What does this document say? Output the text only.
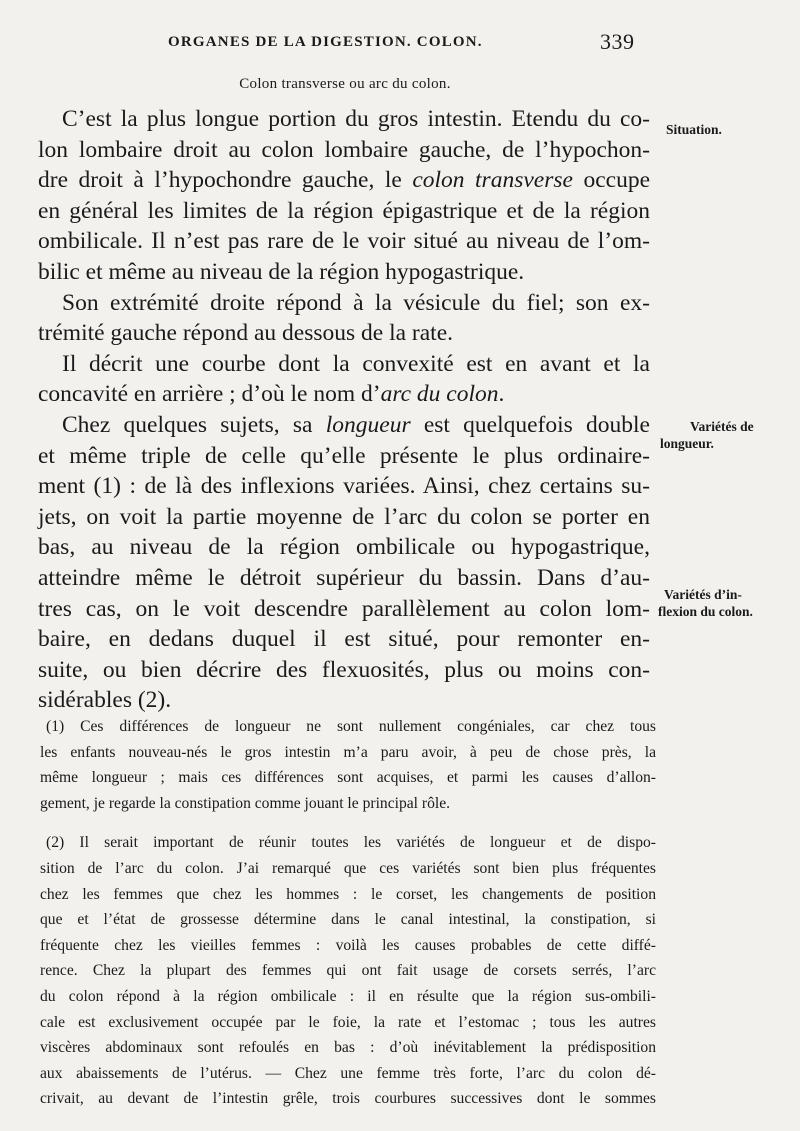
ORGANES DE LA DIGESTION. COLON.	339
Colon transverse ou arc du colon.
C’est la plus longue portion du gros intestin. Etendu du co-
lon lombaire droit au colon lombaire gauche, de l’hypochon-
dre droit à l’hypochondre gauche, le colon transverse occupe
en général les limites de la région épigastrique et de la région
ombilicale. Il n’est pas rare de le voir situé au niveau de l’om-
bilic et même au niveau de la région hypogastrique.
Son extrémité droite répond à la vésicule du fiel; son ex-
trémité gauche répond au dessous de la rate.
Il décrit une courbe dont la convexité est en avant et la
concavité en arrière ; d’où le nom d’arc du colon.
Chez quelques sujets, sa longueur est quelquefois double
et même triple de celle qu’elle présente le plus ordinaire-
ment (1) : de là des inflexions variées. Ainsi, chez certains su-
jets, on voit la partie moyenne de l’arc du colon se porter en
bas, au niveau de la région ombilicale ou hypogastrique,
atteindre même le détroit supérieur du bassin. Dans d’au-
tres cas, on le voit descendre parallèlement au colon lom-
baire, en dedans duquel il est situé, pour remonter en-
suite, ou bien décrire des flexuosités, plus ou moins con-
sidérables (2).
Situation.
Variétés de
longueur.
Variétés d’in-
flexion du colon.
(1) Ces différences de longueur ne sont nullement congéniales, car chez tous
les enfants nouveau-nés le gros intestin m’a paru avoir, à peu de chose près, la
même longueur ; mais ces différences sont acquises, et parmi les causes d’allon-
gement, je regarde la constipation comme jouant le principal rôle.
(2) Il serait important de réunir toutes les variétés de longueur et de dispo-
sition de l’arc du colon. J’ai remarqué que ces variétés sont bien plus fréquentes
chez les femmes que chez les hommes : le corset, les changements de position
que et l’état de grossesse détermine dans le canal intestinal, la constipation, si
fréquente chez les vieilles femmes : voilà les causes probables de cette diffé-
rence. Chez la plupart des femmes qui ont fait usage de corsets serrés, l’arc
du colon répond à la région ombilicale : il en résulte que la région sus-ombili-
cale est exclusivement occupée par le foie, la rate et l’estomac ; tous les autres
viscères abdominaux sont refoulés en bas : d’où inévitablement la prédisposition
aux abaissements de l’utérus. — Chez une femme très forte, l’arc du colon dé-
crivait, au devant de l’intestin grêle, trois courbures successives dont le sommes
